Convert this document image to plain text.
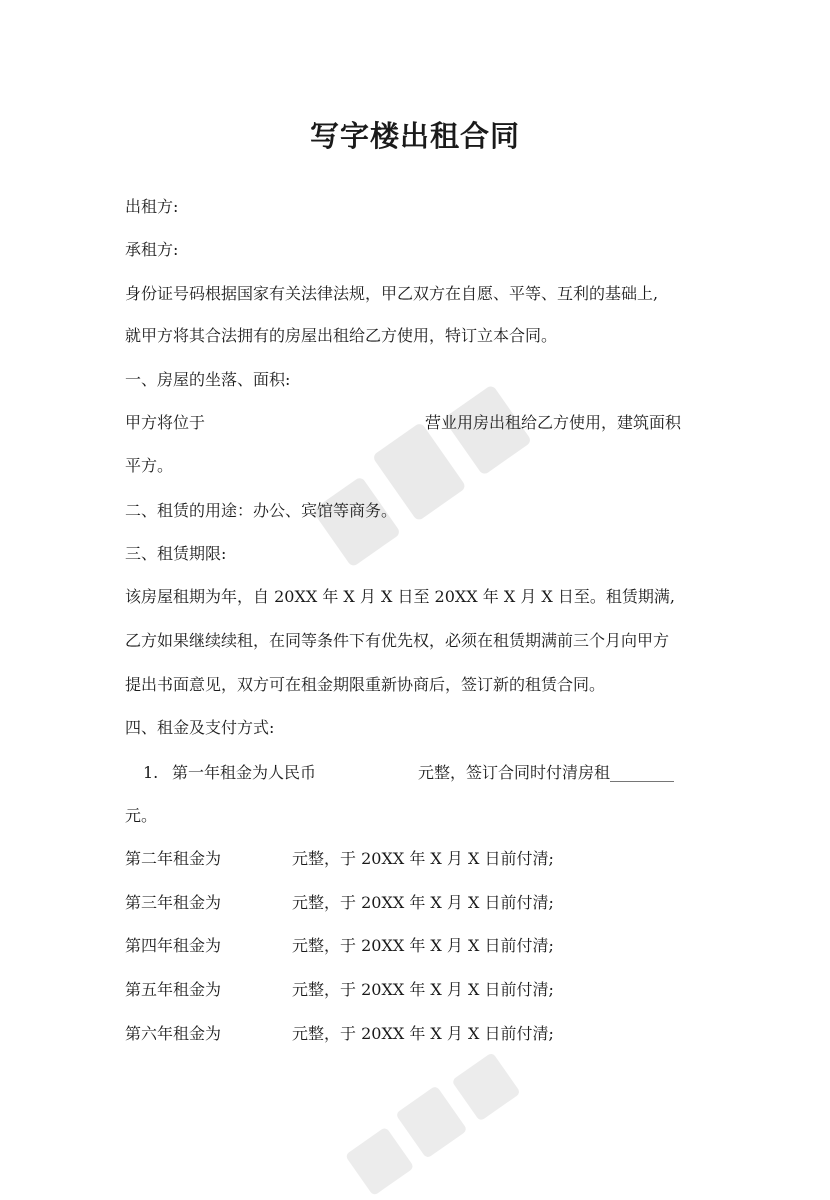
写字楼出租合同

出租方:

承租方:

身份证号码根据国家有关法律法规，甲乙双方在自愿、平等、互利的基础上,

就甲方将其合法拥有的房屋出租给乙方使用，特订立本合同。

一、房屋的坐落、面积:

甲方将位于	营业用房出租给乙方使用，建筑面积

平方。

二、租赁的用途：办公、宾馆等商务。

三、租赁期限:

该房屋租期为年，自 20XX 年 X 月 X 日至 20XX 年 X 月 X 日至。租赁期满,

乙方如果继续续租，在同等条件下有优先权，必须在租赁期满前三个月向甲方

提出书面意见，双方可在租金期限重新协商后，签订新的租赁合同。

四、租金及支付方式:

1. 第一年租金为人民币	元整，签订合同时付清房租________

元。

第二年租金为	元整，于 20XX 年 X 月 X 日前付清;
第三年租金为	元整，于 20XX 年 X 月 X 日前付清;
第四年租金为	元整，于 20XX 年 X 月 X 日前付清;
第五年租金为	元整，于 20XX 年 X 月 X 日前付清;
第六年租金为	元整，于 20XX 年 X 月 X 日前付清;
